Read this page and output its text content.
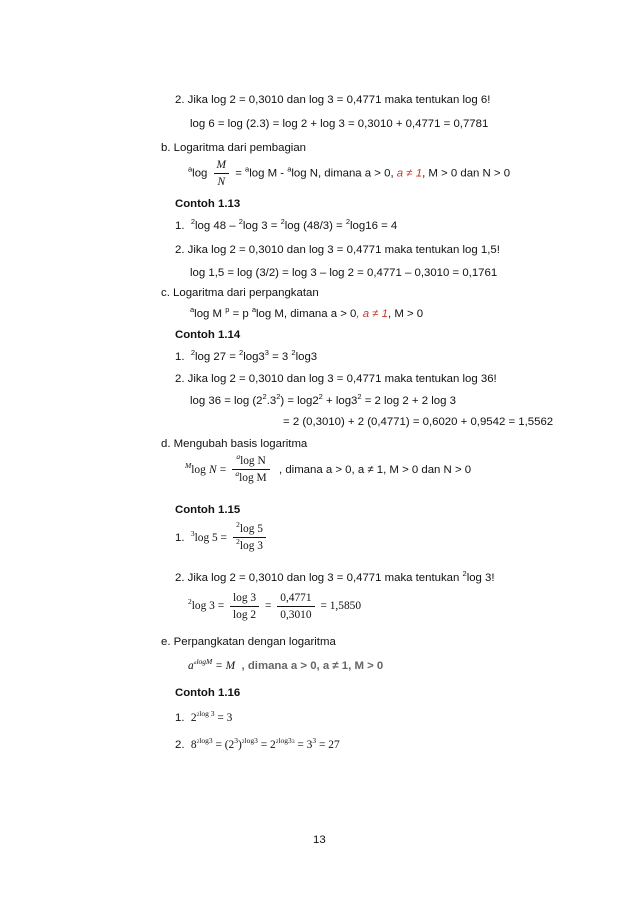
2. Jika log 2 = 0,3010 dan log 3 = 0,4771 maka tentukan log 6!
log 6 = log (2.3) = log 2 + log 3 = 0,3010 + 0,4771 = 0,7781
b. Logaritma dari pembagian
$^a\log \frac{M}{N} = ^a\log$ M - $^a$log N, dimana a > 0, a ≠ 1, M > 0 dan N > 0
Contoh 1.13
1. $^2$log 48 – $^2$log 3 = $^2$log (48/3) = $^2$log16 = 4
2. Jika log 2 = 0,3010 dan log 3 = 0,4771 maka tentukan log 1,5!
log 1,5 = log (3/2) = log 3 – log 2 = 0,4771 – 0,3010 = 0,1761
c. Logaritma dari perpangkatan
$^a$log M $^p$ = p $^a$log M, dimana a > 0, a ≠ 1, M > 0
Contoh 1.14
1. $^2$log $27 = ^2\log 3^3 = 3$ $^2$log3
2. Jika log 2 = 0,3010 dan log 3 = 0,4771 maka tentukan log 36!
$\log 36 = \log (2^2.3^2) = \log 2^2 + \log 3^2 = 2$ log 2 + 2 log 3
= 2 (0,3010) + 2 (0,4771) = 0,6020 + 0,9542 = 1,5562
d. Mengubah basis logaritma
$^M$log $N = \frac{^a\log N}{^a\log M}$ , dimana a > 0, a ≠ 1, M > 0 dan N > 0
Contoh 1.15
1. $^3$log $5 = \frac{^2\log 5}{^2\log 3}$
2. Jika log 2 = 0,3010 dan log 3 = 0,4771 maka tentukan $^2$log 3!
$^2$log $3 = \frac{\log 3}{\log 2} = \frac{0,4771}{0,3010} = 1,5850$
e. Perpangkatan dengan logaritma
$a^{alogM} = M$ , dimana a > 0, a ≠ 1, M > 0
Contoh 1.16
1. $2^{2log 3} = 3$
2. $8^{2log3} = (2^3)^{2log3} = 2^{2log33} = 3^3 = 27$
13
